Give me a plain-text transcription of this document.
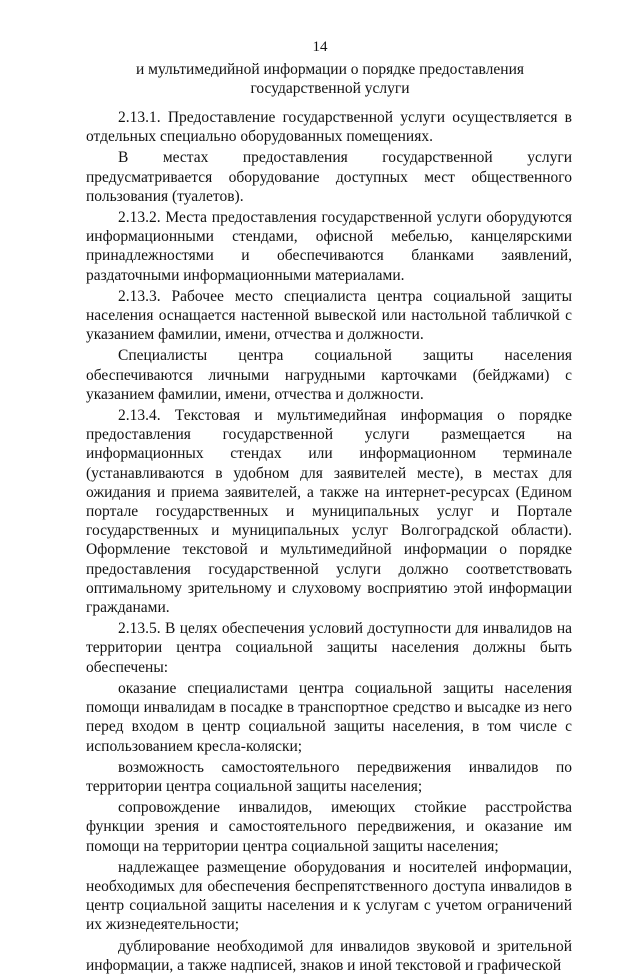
14
и мультимедийной информации о порядке предоставления
государственной услуги

2.13.1. Предоставление государственной услуги осуществляется в отдельных специально оборудованных помещениях.

В местах предоставления государственной услуги предусматривается оборудование доступных мест общественного пользования (туалетов).

2.13.2. Места предоставления государственной услуги оборудуются информационными стендами, офисной мебелью, канцелярскими принадлежностями и обеспечиваются бланками заявлений, раздаточными информационными материалами.

2.13.3. Рабочее место специалиста центра социальной защиты населения оснащается настенной вывеской или настольной табличкой с указанием фамилии, имени, отчества и должности.

Специалисты центра социальной защиты населения обеспечиваются личными нагрудными карточками (бейджами) с указанием фамилии, имени, отчества и должности.

2.13.4. Текстовая и мультимедийная информация о порядке предоставления государственной услуги размещается на информационных стендах или информационном терминале (устанавливаются в удобном для заявителей месте), в местах для ожидания и приема заявителей, а также на интернет-ресурсах (Едином портале государственных и муниципальных услуг и Портале государственных и муниципальных услуг Волгоградской области). Оформление текстовой и мультимедийной информации о порядке предоставления государственной услуги должно соответствовать оптимальному зрительному и слуховому восприятию этой информации гражданами.

2.13.5. В целях обеспечения условий доступности для инвалидов на территории центра социальной защиты населения должны быть обеспечены:

оказание специалистами центра социальной защиты населения помощи инвалидам в посадке в транспортное средство и высадке из него перед входом в центр социальной защиты населения, в том числе с использованием кресла-коляски;

возможность самостоятельного передвижения инвалидов по территории центра социальной защиты населения;

сопровождение инвалидов, имеющих стойкие расстройства функции зрения и самостоятельного передвижения, и оказание им помощи на территории центра социальной защиты населения;

надлежащее размещение оборудования и носителей информации, необходимых для обеспечения беспрепятственного доступа инвалидов в центр социальной защиты населения и к услугам с учетом ограничений их жизнедеятельности;

дублирование необходимой для инвалидов звуковой и зрительной информации, а также надписей, знаков и иной текстовой и графической
